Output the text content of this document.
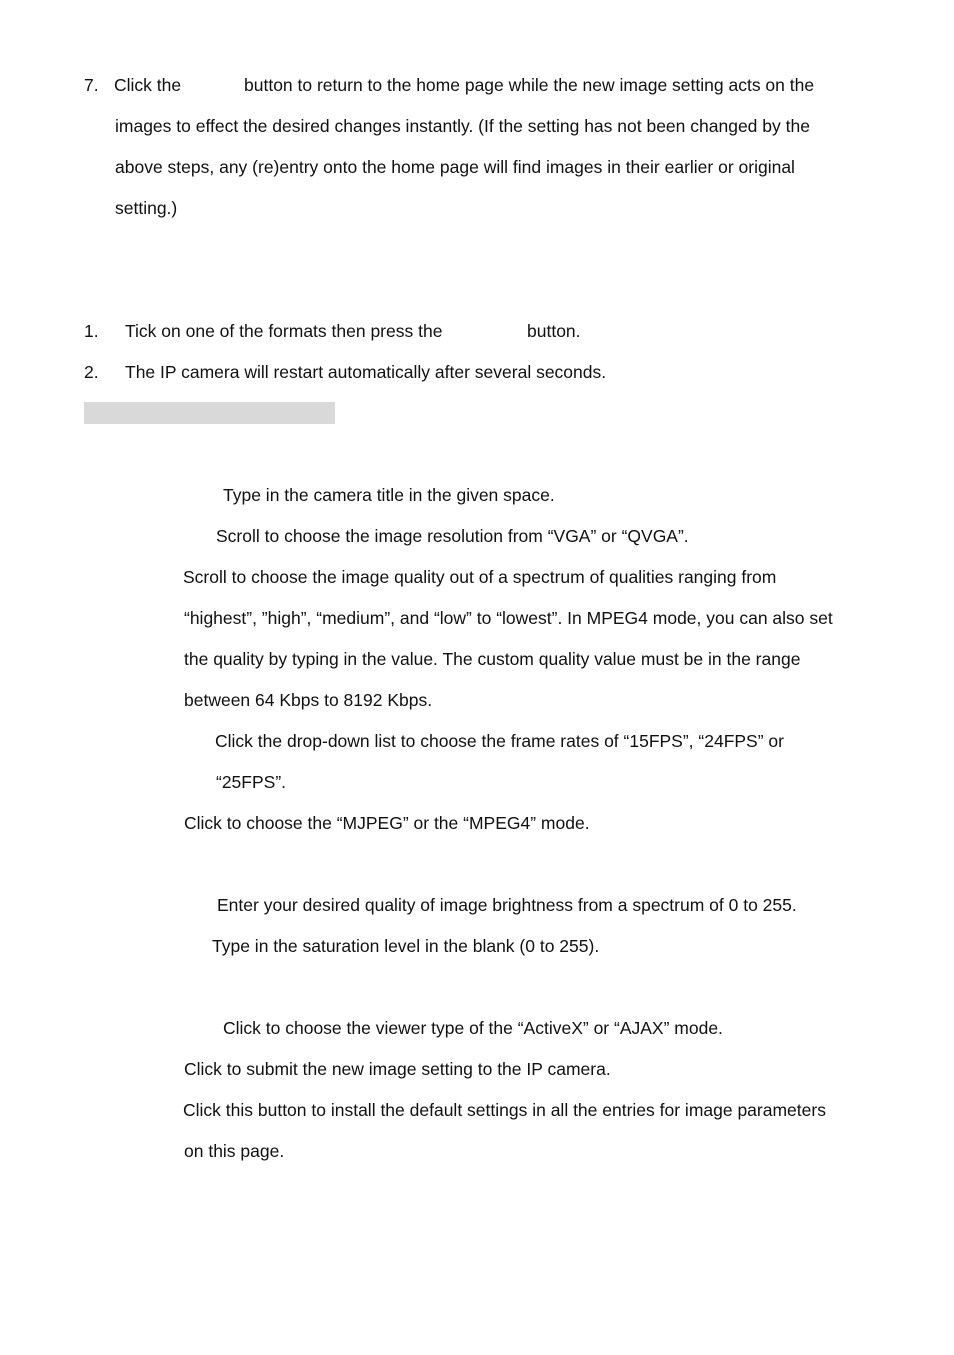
7. Click the	button to return to the home page while the new image setting acts on the
images to effect the desired changes instantly. (If the setting has not been changed by the
above steps, any (re)entry onto the home page will find images in their earlier or original
setting.)
1. Tick on one of the formats then press the	button.
2. The IP camera will restart automatically after several seconds.
Type in the camera title in the given space.
Scroll to choose the image resolution from “VGA” or “QVGA”.
Scroll to choose the image quality out of a spectrum of qualities ranging from
“highest”, ”high”, “medium”, and “low” to “lowest”. In MPEG4 mode, you can also set
the quality by typing in the value. The custom quality value must be in the range
between 64 Kbps to 8192 Kbps.
Click the drop-down list to choose the frame rates of “15FPS”, “24FPS” or
“25FPS”.
Click to choose the “MJPEG” or the “MPEG4” mode.
Enter your desired quality of image brightness from a spectrum of 0 to 255.
Type in the saturation level in the blank (0 to 255).
Click to choose the viewer type of the “ActiveX” or “AJAX” mode.
Click to submit the new image setting to the IP camera.
Click this button to install the default settings in all the entries for image parameters
on this page.
